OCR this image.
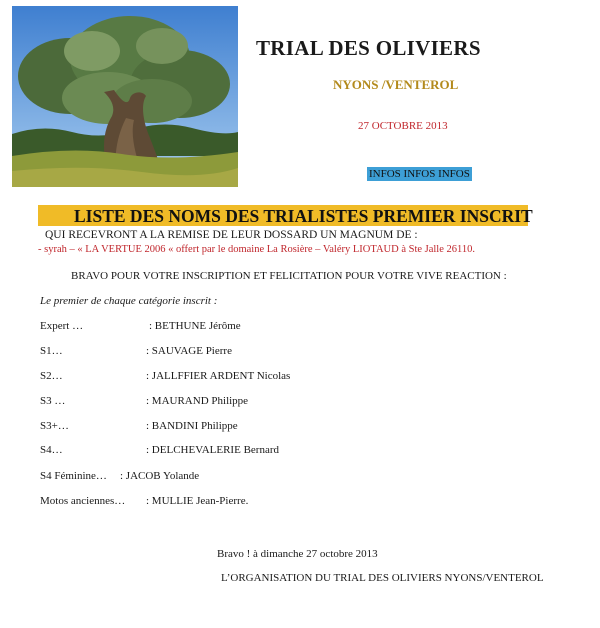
TRIAL DES OLIVIERS
NYONS /VENTEROL
27 OCTOBRE 2013
INFOS INFOS INFOS
LISTE DES NOMS DES TRIALISTES PREMIER INSCRIT
QUI RECEVRONT A LA REMISE DE LEUR DOSSARD UN MAGNUM DE :
- syrah – « LA VERTUE 2006 « offert par le domaine La Rosière – Valéry LIOTAUD à Ste Jalle 26110.
BRAVO POUR VOTRE INSCRIPTION ET FELICITATION POUR VOTRE VIVE REACTION :
Le premier de chaque catégorie inscrit :
Expert …	: BETHUNE Jérôme
S1…	: SAUVAGE Pierre
S2…	: JALLFFIER ARDENT Nicolas
S3 …	: MAURAND Philippe
S3+…	: BANDINI Philippe
S4…	: DELCHEVALERIE Bernard
S4 Féminine… : JACOB Yolande
Motos anciennes… : MULLIE Jean-Pierre.
Bravo ! à dimanche 27 octobre 2013
L’ORGANISATION DU TRIAL DES OLIVIERS NYONS/VENTEROL
